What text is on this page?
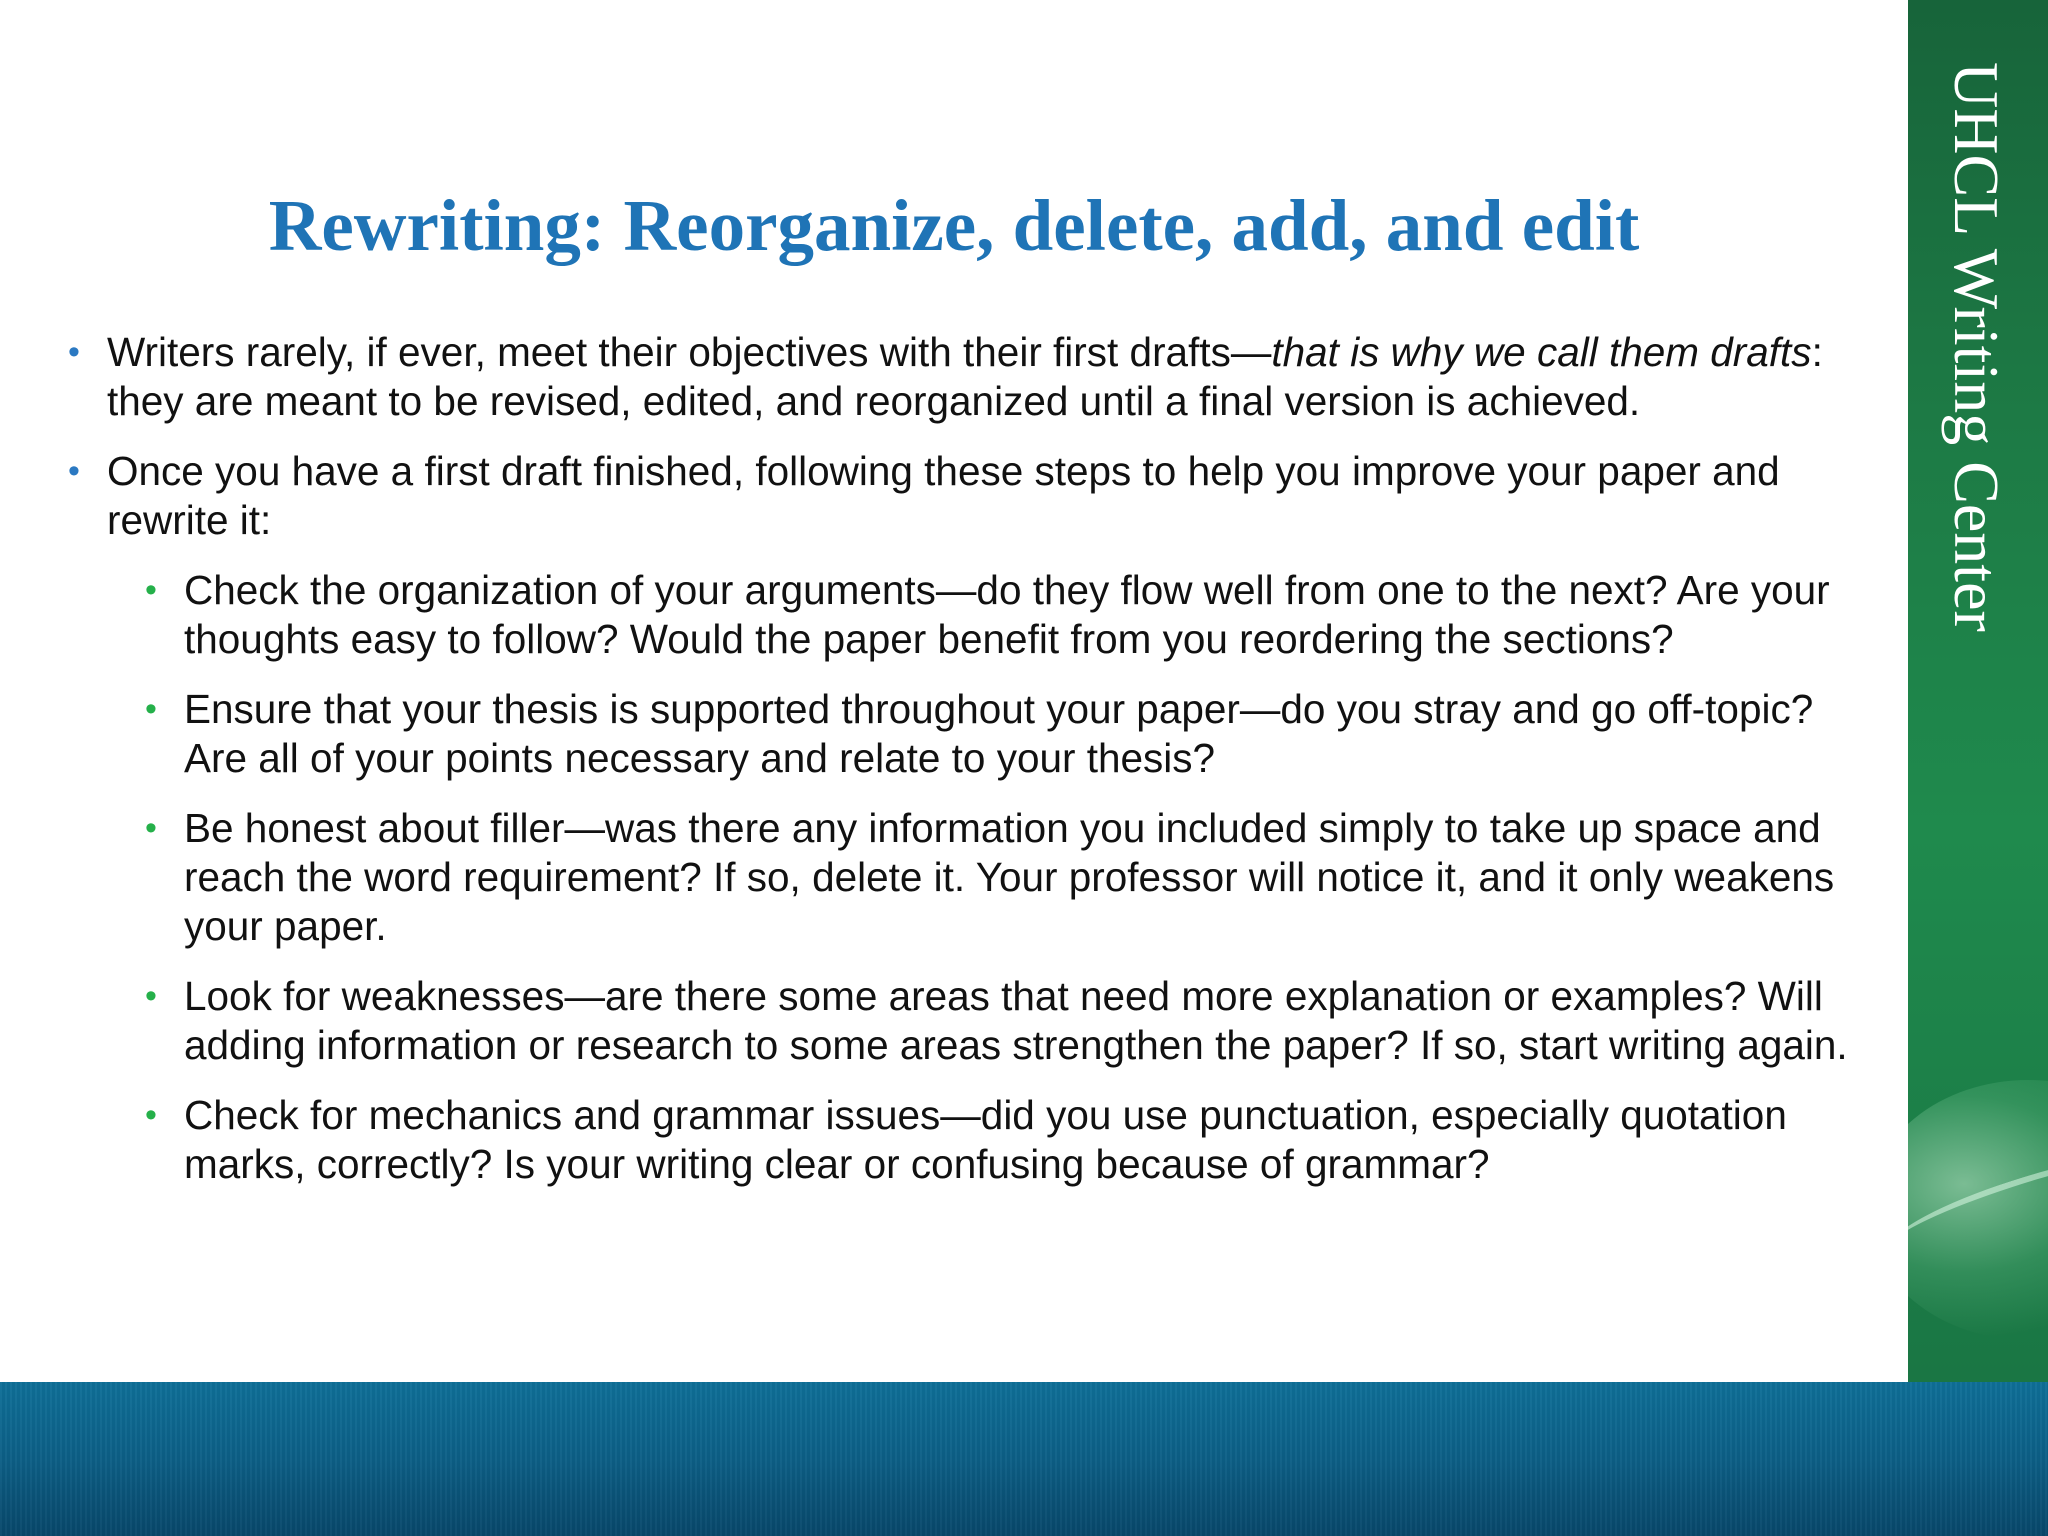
Rewriting: Reorganize, delete, add, and edit
• Writers rarely, if ever, meet their objectives with their first drafts—that is why we call them drafts: they are meant to be revised, edited, and reorganized until a final version is achieved.
• Once you have a first draft finished, following these steps to help you improve your paper and rewrite it:
• Check the organization of your arguments—do they flow well from one to the next? Are your thoughts easy to follow? Would the paper benefit from you reordering the sections?
• Ensure that your thesis is supported throughout your paper—do you stray and go off-topic? Are all of your points necessary and relate to your thesis?
• Be honest about filler—was there any information you included simply to take up space and reach the word requirement? If so, delete it. Your professor will notice it, and it only weakens your paper.
• Look for weaknesses—are there some areas that need more explanation or examples? Will adding information or research to some areas strengthen the paper? If so, start writing again.
• Check for mechanics and grammar issues—did you use punctuation, especially quotation marks, correctly? Is your writing clear or confusing because of grammar?
UHCL Writing Center
